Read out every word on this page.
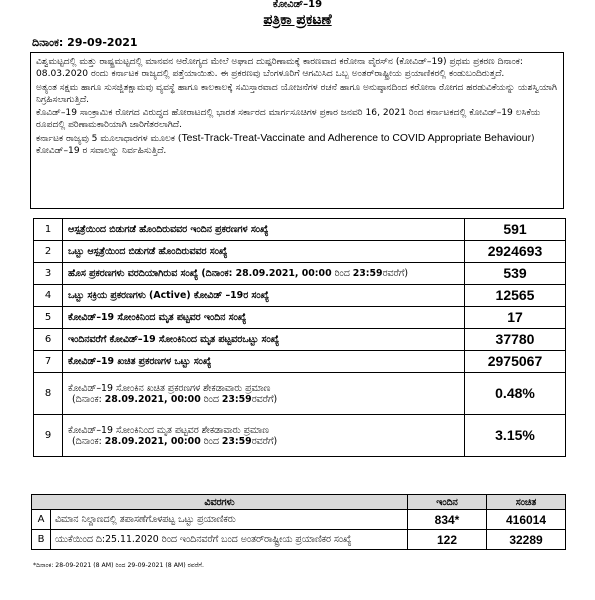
ಕೋವಿಡ್–19
ಪತ್ರಿಕಾ ಪ್ರಕಟಣೆ
ದಿನಾಂಕ: 29-09-2021

ವಿಶ್ವಮಟ್ಟದಲ್ಲಿ ಮತ್ತು ರಾಷ್ಟ್ರಮಟ್ಟದಲ್ಲಿ ಮಾನವನ ಆರೋಗ್ಯದ ಮೇಲೆ ಅಘಾದ ದುಷ್ಪರಿಣಾಮಕ್ಕೆ ಕಾರಣವಾದ ಕರೋನಾ ವೈರಸ್‌ನ (ಕೋವಿಡ್–19) ಪ್ರಥಮ ಪ್ರಕರಣ ದಿನಾಂಕ: 08.03.2020 ರಂದು ಕರ್ನಾಟಕ ರಾಜ್ಯದಲ್ಲಿ ಪತ್ತೆಯಾಯಿತು. ಈ ಪ್ರಕರಣವು ಬೆಂಗಳೂರಿಗೆ ಆಗಮಿಸಿದ ಒಬ್ಬ ಅಂತರ್‌ರಾಷ್ಟ್ರೀಯ ಪ್ರಯಾಣಿಕರಲ್ಲಿ ಕಂಡುಬಂದಿರುತ್ತದೆ.

ಅತ್ಯಂತ ಸಕ್ಷಮ ಹಾಗೂ ಸುಸಜ್ಜಿತಕ್ಷಾಮವು ವ್ಯವಸ್ಥೆ ಹಾಗೂ ಕಾಲಕಾಲಕ್ಕೆ ಸಮಿಸ್ತಾರವಾದ ಯೋಜನೆಗಳ ರಚನೆ ಹಾಗೂ ಅನುಷ್ಠಾನದಿಂದ ಕರೋನಾ ರೋಗದ ಹರಡುವಿಕೆಯನ್ನು ಯಶಸ್ವಿಯಾಗಿ ನಿಗ್ರಹಿಸಲಾಗುತ್ತಿದೆ.

ಕೊವಿಡ್–19 ಸಾಂಕ್ರಾಮಿಕ ರೋಗದ ವಿರುದ್ಧದ ಹೋರಾಟದಲ್ಲಿ ಭಾರತ ಸರ್ಕಾರದ ಮಾರ್ಗಸೂಚಿಗಳ ಪ್ರಕಾರ ಜನವರಿ 16, 2021 ರಿಂದ ಕರ್ನಾಟಕದಲ್ಲಿ ಕೋವಿಡ್–19 ಲಸಿಕೆಯ ರೂಪದಲ್ಲಿ ಪರಿಣಾಮಕಾರಿಯಾಗಿ ಜಾರಿಗೆತರಲಾಗಿದೆ.

ಕರ್ನಾಟಕ ರಾಜ್ಯವು 5 ಮೂಲಾಧಾರಗಳ ಮೂಲಕ (Test-Track-Treat-Vaccinate and Adherence to COVID Appropriate Behaviour) ಕೋವಿಡ್–19 ರ ಸವಾಲನ್ನು ನಿರ್ವಹಿಸುತ್ತಿದೆ.

1	ಆಸ್ಪತ್ರೆಯಿಂದ ಬಿಡುಗಡೆ ಹೊಂದಿರುವವರ ಇಂದಿನ ಪ್ರಕರಣಗಳ ಸಂಖ್ಯೆ	591
2	ಒಟ್ಟು ಆಸ್ಪತ್ರೆಯಿಂದ ಬಿಡುಗಡೆ ಹೊಂದಿರುವವರ ಸಂಖ್ಯೆ	2924693
3	ಹೊಸ ಪ್ರಕರಣಗಳು ವರದಿಯಾಗಿರುವ ಸಂಖ್ಯೆ (ದಿನಾಂಕ: 28.09.2021, 00:00 ರಿಂದ 23:59ರವರೆಗೆ)	539
4	ಒಟ್ಟು ಸಕ್ರಿಯ ಪ್ರಕರಣಗಳು (Active) ಕೋವಿಡ್ –19ರ ಸಂಖ್ಯೆ	12565
5	ಕೋವಿಡ್–19 ಸೋಂಕಿನಿಂದ ಮೃತ ಪಟ್ಟವರ ಇಂದಿನ ಸಂಖ್ಯೆ	17
6	ಇಂದಿನವರೆಗೆ ಕೋವಿಡ್–19 ಸೋಂಕಿನಿಂದ ಮೃತ ಪಟ್ಟವರಒಟ್ಟು ಸಂಖ್ಯೆ	37780
7	ಕೋವಿಡ್–19 ಖಚಿತ ಪ್ರಕರಣಗಳ ಒಟ್ಟು ಸಂಖ್ಯೆ	2975067
8	ಕೋವಿಡ್–19 ಸೋಂಕಿನ ಖಚಿತ ಪ್ರಕರಣಗಳ ಶೇಕಡಾವಾರು ಪ್ರಮಾಣ
(ದಿನಾಂಕ: 28.09.2021, 00:00 ರಿಂದ 23:59ರವರೆಗೆ)	0.48%
9	ಕೋವಿಡ್–19 ಸೋಂಕಿನಿಂದ ಮೃತ ಪಟ್ಟವರ ಶೇಕಡಾವಾರು ಪ್ರಮಾಣ
(ದಿನಾಂಕ: 28.09.2021, 00:00 ರಿಂದ 23:59ರವರೆಗೆ)	3.15%
ವಿವರಗಳು		ಇಂದಿನ	ಸಂಚಿತ
A	ವಿಮಾನ ನಿಲ್ದಾಣದಲ್ಲಿ ತಪಾಸಣೆಗೊಳಪಟ್ಟ ಒಟ್ಟು ಪ್ರಯಾಣಿಕರು	834*	416014
B	ಯುಕೆಯಿಂದ ದಿ:25.11.2020 ರಿಂದ ಇಂದಿನವರೆಗೆ ಬಂದ ಅಂತರ್‌ರಾಷ್ಟ್ರೀಯ ಪ್ರಯಾಣಿಕರ ಸಂಖ್ಯೆ	122	32289
*ದಿನಾಂಕ: 28-09-2021 (8 AM) ರಿಂದ 29-09-2021 (8 AM) ರವರೆಗೆ.
